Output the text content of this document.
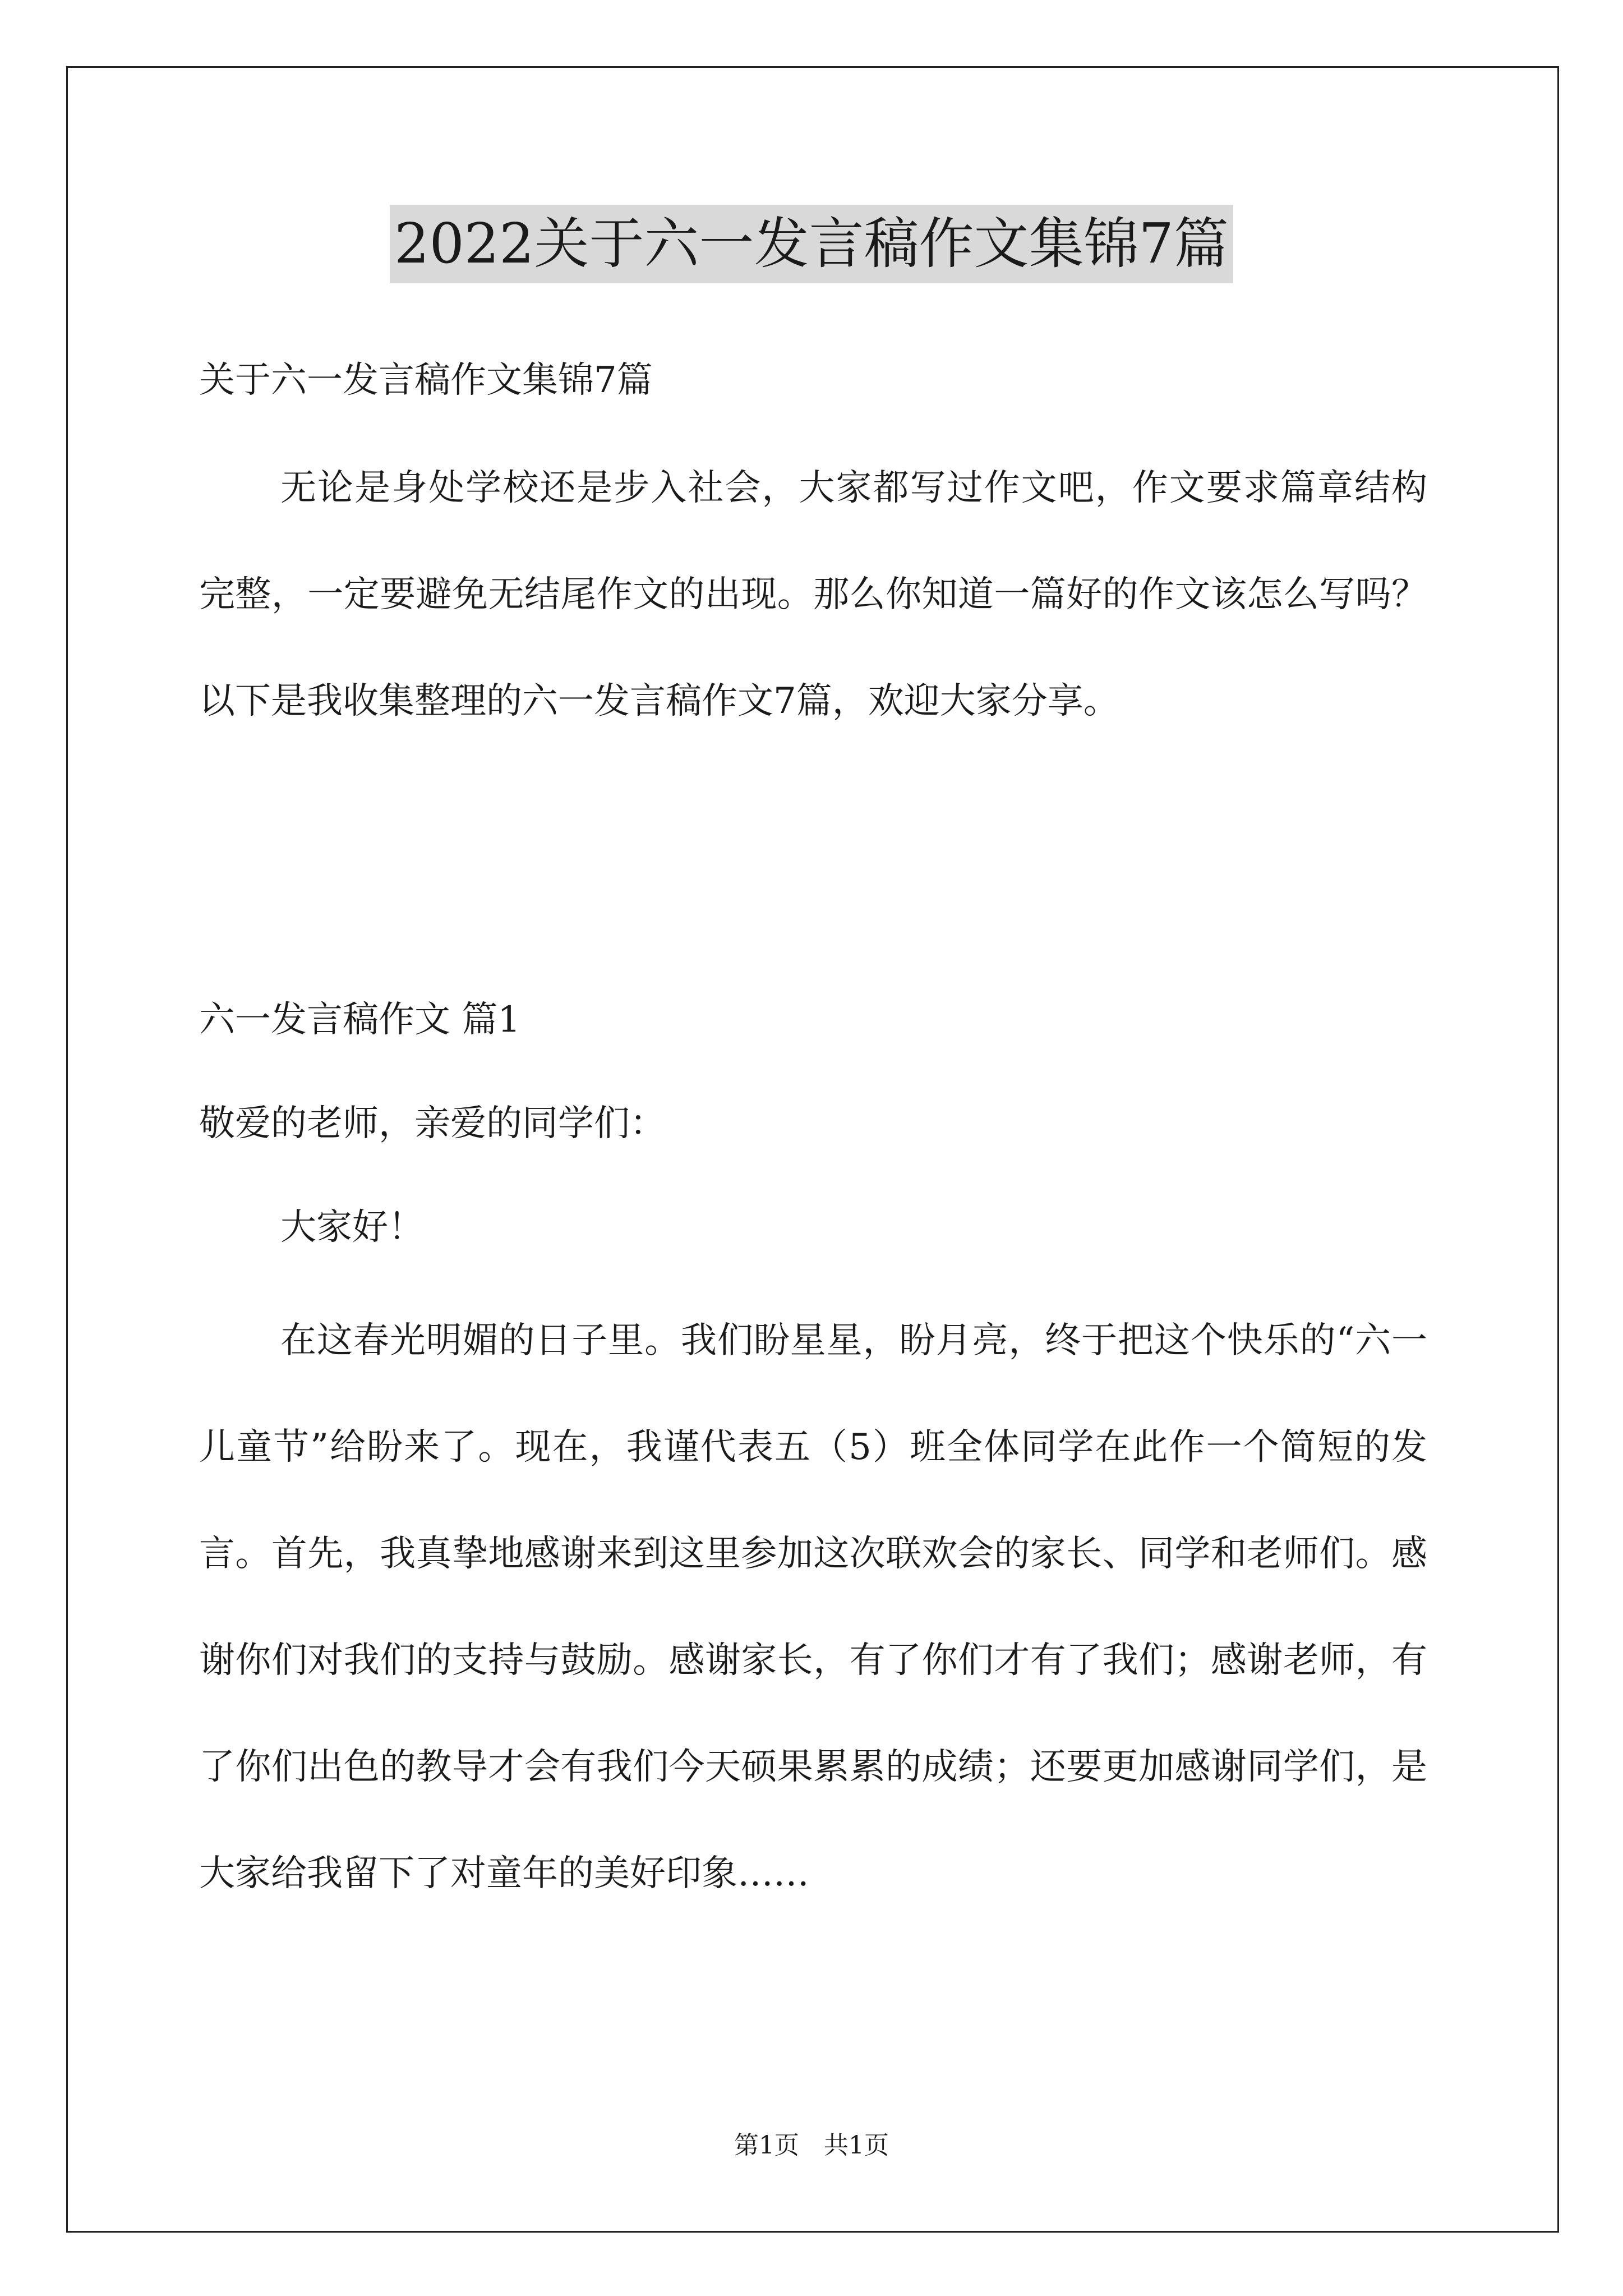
2022关于六一发言稿作文集锦7篇
关于六一发言稿作文集锦7篇
无论是身处学校还是步入社会，大家都写过作文吧，作文要求篇章结构完整，一定要避免无结尾作文的出现。那么你知道一篇好的作文该怎么写吗？以下是我收集整理的六一发言稿作文7篇，欢迎大家分享。
六一发言稿作文 篇1
敬爱的老师，亲爱的同学们：
大家好！
在这春光明媚的日子里。我们盼星星，盼月亮，终于把这个快乐的“六一儿童节”给盼来了。现在，我谨代表五（5）班全体同学在此作一个简短的发言。首先，我真挚地感谢来到这里参加这次联欢会的家长、同学和老师们。感谢你们对我们的支持与鼓励。感谢家长，有了你们才有了我们；感谢老师，有了你们出色的教导才会有我们今天硕果累累的成绩；还要更加感谢同学们，是大家给我留下了对童年的美好印象……
第1页　共1页
